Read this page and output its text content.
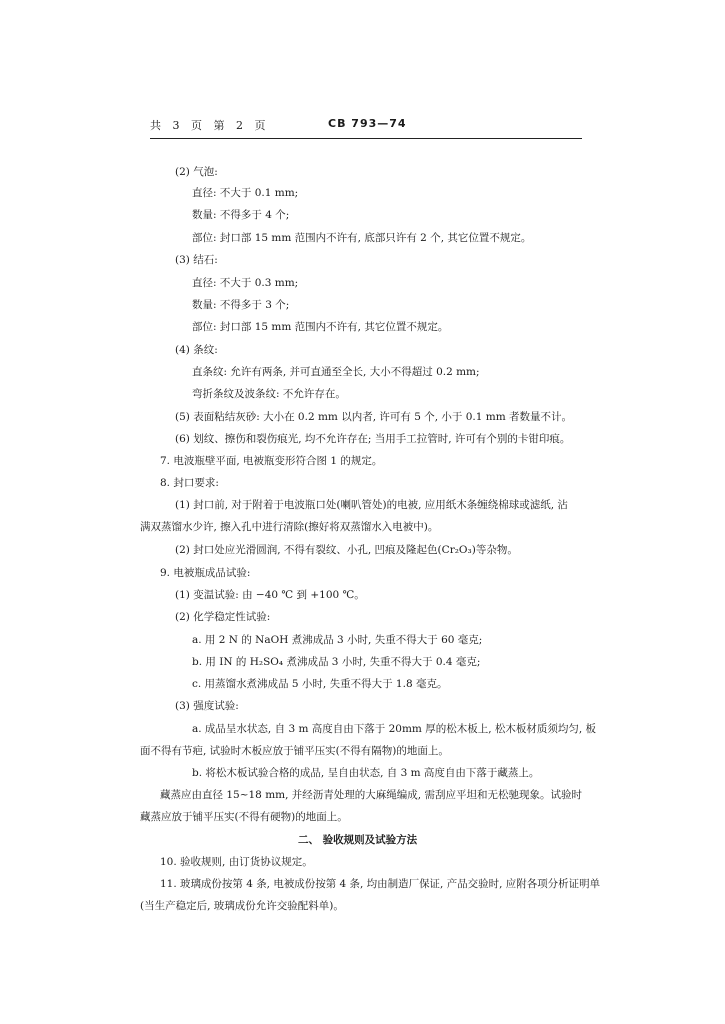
共 3 页 第 2 页	CB 793—74
(2) 气泡:
直径: 不大于 0.1 mm;
数量: 不得多于 4 个;
部位: 封口部 15 mm 范围内不许有, 底部只许有 2 个, 其它位置不规定。
(3) 结石:
直径: 不大于 0.3 mm;
数量: 不得多于 3 个;
部位: 封口部 15 mm 范围内不许有, 其它位置不规定。
(4) 条纹:
直条纹: 允许有两条, 并可直通至全长, 大小不得超过 0.2 mm;
弯折条纹及波条纹: 不允许存在。
(5) 表面粘结灰砂: 大小在 0.2 mm 以内者, 许可有 5 个, 小于 0.1 mm 者数量不计。
(6) 划纹、擦伤和裂伤痕光, 均不允许存在; 当用手工拉管时, 许可有个别的卡钳印痕。
7. 电波瓶壁平面, 电被瓶变形符合图 1 的规定。
8. 封口要求:
(1) 封口前, 对于附着于电波瓶口处(喇叭管处)的电被, 应用纸木条缠绕棉球或滤纸, 沾
满双蒸馏水少许, 擦入孔中进行清除(擦好将双蒸馏水入电被中)。
(2) 封口处应光滑圆润, 不得有裂纹、小孔, 凹痕及隆起色(Cr₂O₃)等杂物。
9. 电被瓶成品试验:
(1) 变温试验: 由 −40 ℃ 到 +100 ℃。
(2) 化学稳定性试验:
a. 用 2 N 的 NaOH 煮沸成品 3 小时, 失重不得大于 60 毫克;
b. 用 IN 的 H₂SO₄ 煮沸成品 3 小时, 失重不得大于 0.4 毫克;
c. 用蒸馏水煮沸成品 5 小时, 失重不得大于 1.8 毫克。
(3) 强度试验:
a. 成品呈水状态, 自 3 m 高度自由下落于 20mm 厚的松木板上, 松木板材质须均匀, 板
面不得有节疤, 试验时木板应放于铺平压实(不得有隔物)的地面上。
b. 将松木板试验合格的成品, 呈自由状态, 自 3 m 高度自由下落于藏蒸上。
藏蒸应由直径 15~18 mm, 并经沥青处理的大麻绳编成, 需刮应平坦和无松驰现象。试验时
藏蒸应放于铺平压实(不得有硬物)的地面上。
二、 验收规则及试验方法
10. 验收规则, 由订货协议规定。
11. 玻璃成份按第 4 条, 电被成份按第 4 条, 均由制造厂保证, 产品交验时, 应附各项分析证明单
(当生产稳定后, 玻璃成份允许交验配料单)。
